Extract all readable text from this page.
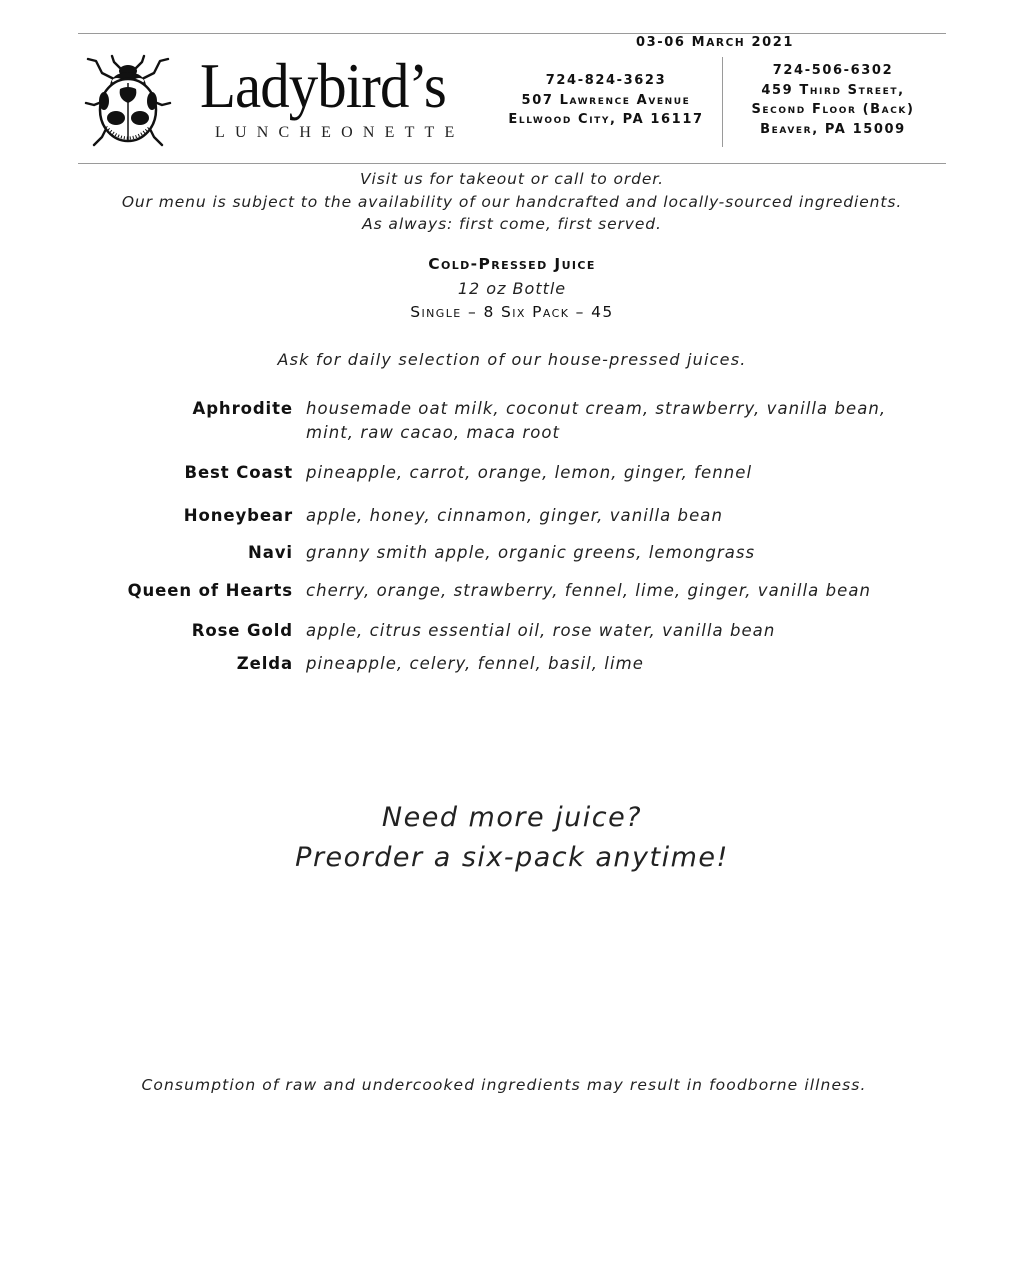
Ladybird’s
LUNCHEONETTE
03-06 MARCH 2021
724-824-3623
507 Lawrence Avenue
Ellwood City, PA 16117
724-506-6302
459 Third Street,
Second Floor (Back)
Beaver, PA 15009
Visit us for takeout or call to order.
Our menu is subject to the availability of our handcrafted and locally-sourced ingredients.
As always: first come, first served.
Cold-Pressed Juice
12 oz Bottle
Single – 8 Six Pack – 45
Ask for daily selection of our house-pressed juices.
Aphrodite housemade oat milk, coconut cream, strawberry, vanilla bean, mint, raw cacao, maca root
Best Coast pineapple, carrot, orange, lemon, ginger, fennel
Honeybear apple, honey, cinnamon, ginger, vanilla bean
Navi granny smith apple, organic greens, lemongrass
Queen of Hearts cherry, orange, strawberry, fennel, lime, ginger, vanilla bean
Rose Gold apple, citrus essential oil, rose water, vanilla bean
Zelda pineapple, celery, fennel, basil, lime
Need more juice?
Preorder a six-pack anytime!
Consumption of raw and undercooked ingredients may result in foodborne illness.
